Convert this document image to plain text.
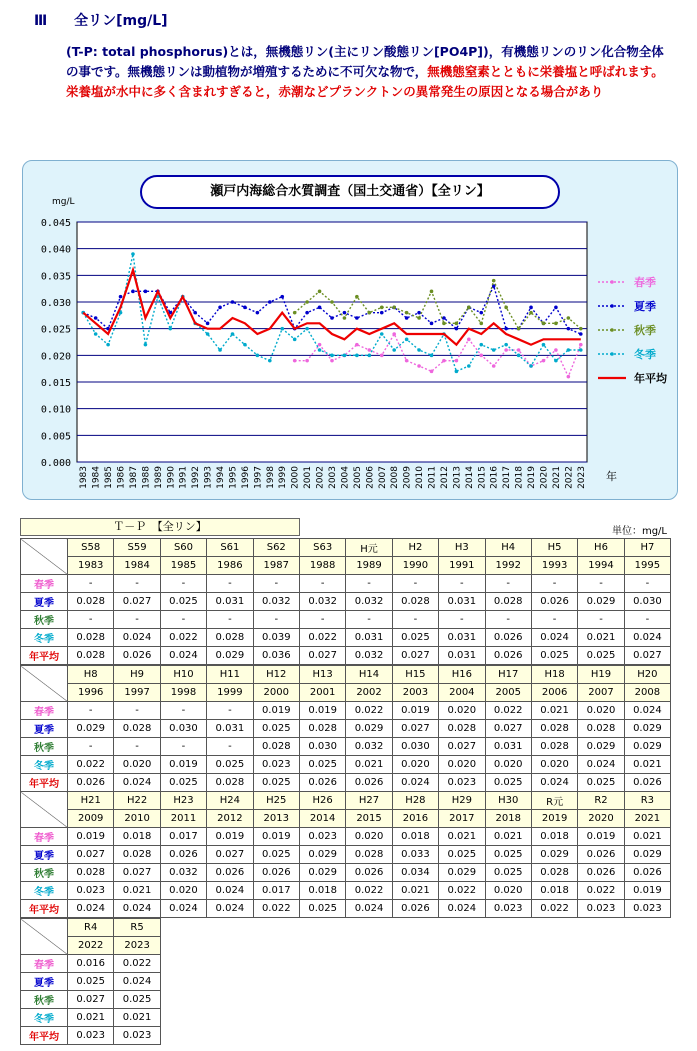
Ⅲ 全リン[mg/L]

(T-P: total phosphorus)とは，無機態リン(主にリン酸態リン[PO4P])，有機態リンのリン化合物全体の事です。無機態リンは動植物が増殖するために不可欠な物で，無機態窒素とともに栄養塩と呼ばれます。

栄養塩が水中に多く含まれすぎると，赤潮などプランクトンの異常発生の原因となる場合があり

0.000
0.005
0.010
0.015
0.020
0.025
0.030
0.035
0.040
0.045
mg/L
1983 1984 1985 1986 1987 1988 1989 1990 1991 1992 1993 1994 1995 1996 1997 1998 1999 2000 2001 2002 2003 2004 2005 2006 2007 2008 2009 2010 2011 2012 2013 2014 2015 2016 2017 2018 2019 2020 2021 2022 2023 年
春季
夏季
秋季
冬季
年平均
瀬戸内海総合水質調査（国土交通省）【全リン】
Ｔ－Ｐ　【全リン】	単位：mg/L
	S58	S59	S60	S61	S62	S63	H元	H2	H3	H4	H5	H6	H7
	1983	1984	1985	1986	1987	1988	1989	1990	1991	1992	1993	1994	1995
春季	-	-	-	-	-	-	-	-	-	-	-	-	-
夏季	0.028	0.027	0.025	0.031	0.032	0.032	0.032	0.028	0.031	0.028	0.026	0.029	0.030
秋季	-	-	-	-	-	-	-	-	-	-	-	-	-
冬季	0.028	0.024	0.022	0.028	0.039	0.022	0.031	0.025	0.031	0.026	0.024	0.021	0.024
年平均	0.028	0.026	0.024	0.029	0.036	0.027	0.032	0.027	0.031	0.026	0.025	0.025	0.027
	H8	H9	H10	H11	H12	H13	H14	H15	H16	H17	H18	H19	H20
	1996	1997	1998	1999	2000	2001	2002	2003	2004	2005	2006	2007	2008
春季	-	-	-	-	0.019	0.019	0.022	0.019	0.020	0.022	0.021	0.020	0.024
夏季	0.029	0.028	0.030	0.031	0.025	0.028	0.029	0.027	0.028	0.027	0.028	0.028	0.029
秋季	-	-	-	-	0.028	0.030	0.032	0.030	0.027	0.031	0.028	0.029	0.029
冬季	0.022	0.020	0.019	0.025	0.023	0.025	0.021	0.020	0.020	0.020	0.020	0.024	0.021
年平均	0.026	0.024	0.025	0.028	0.025	0.026	0.026	0.024	0.023	0.025	0.024	0.025	0.026
	H21	H22	H23	H24	H25	H26	H27	H28	H29	H30	R元	R2	R3
	2009	2010	2011	2012	2013	2014	2015	2016	2017	2018	2019	2020	2021
春季	0.019	0.018	0.017	0.019	0.019	0.023	0.020	0.018	0.021	0.021	0.018	0.019	0.021
夏季	0.027	0.028	0.026	0.027	0.025	0.029	0.028	0.033	0.025	0.025	0.029	0.026	0.029
秋季	0.028	0.027	0.032	0.026	0.026	0.029	0.026	0.034	0.029	0.025	0.028	0.026	0.026
冬季	0.023	0.021	0.020	0.024	0.017	0.018	0.022	0.021	0.022	0.020	0.018	0.022	0.019
年平均	0.024	0.024	0.024	0.024	0.022	0.025	0.024	0.026	0.024	0.023	0.022	0.023	0.023
	R4	R5
	2022	2023
春季	0.016	0.022
夏季	0.025	0.024
秋季	0.027	0.025
冬季	0.021	0.021
年平均	0.023	0.023
